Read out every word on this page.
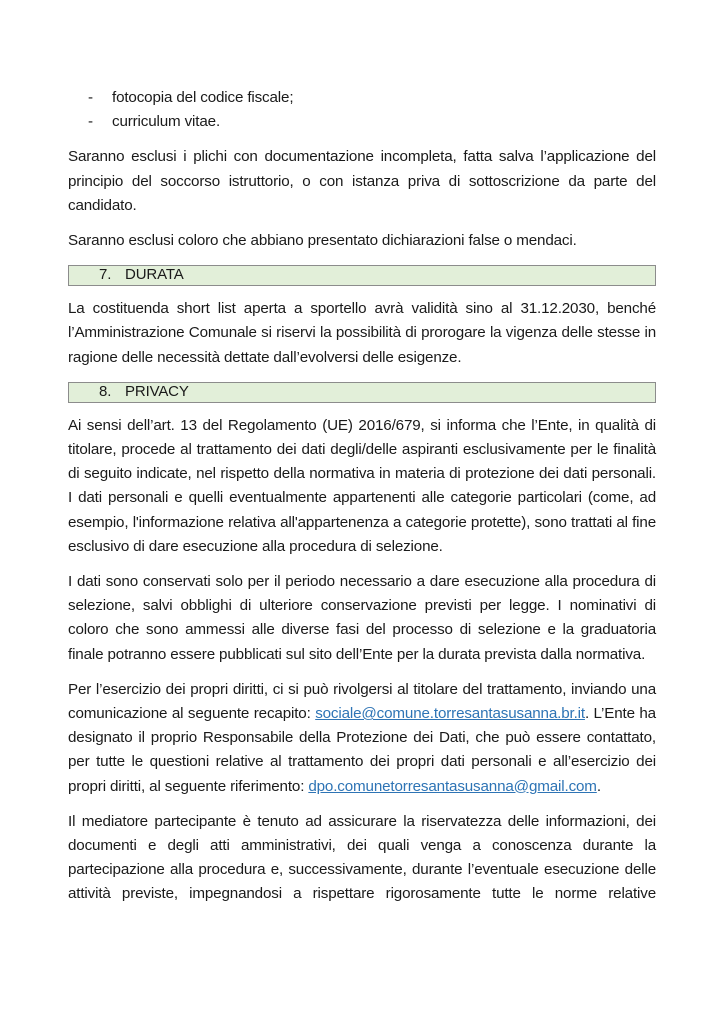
- fotocopia del codice fiscale;
- curriculum vitae.

Saranno esclusi i plichi con documentazione incompleta, fatta salva l’applicazione del principio del soccorso istruttorio, o con istanza priva di sottoscrizione da parte del candidato.

Saranno esclusi coloro che abbiano presentato dichiarazioni false o mendaci.

7. DURATA

La costituenda short list aperta a sportello avrà validità sino al 31.12.2030, benché l’Amministrazione Comunale si riservi la possibilità di prorogare la vigenza delle stesse in ragione delle necessità dettate dall’evolversi delle esigenze.

8. PRIVACY

Ai sensi dell’art. 13 del Regolamento (UE) 2016/679, si informa che l’Ente, in qualità di titolare, procede al trattamento dei dati degli/delle aspiranti esclusivamente per le finalità di seguito indicate, nel rispetto della normativa in materia di protezione dei dati personali. I dati personali e quelli eventualmente appartenenti alle categorie particolari (come, ad esempio, l'informazione relativa all'appartenenza a categorie protette), sono trattati al fine esclusivo di dare esecuzione alla procedura di selezione.

I dati sono conservati solo per il periodo necessario a dare esecuzione alla procedura di selezione, salvi obblighi di ulteriore conservazione previsti per legge. I nominativi di coloro che sono ammessi alle diverse fasi del processo di selezione e la graduatoria finale potranno essere pubblicati sul sito dell’Ente per la durata prevista dalla normativa.

Per l’esercizio dei propri diritti, ci si può rivolgersi al titolare del trattamento, inviando una comunicazione al seguente recapito: sociale@comune.torresantasusanna.br.it. L’Ente ha designato il proprio Responsabile della Protezione dei Dati, che può essere contattato, per tutte le questioni relative al trattamento dei propri dati personali e all’esercizio dei propri diritti, al seguente riferimento: dpo.comunetorresantasusanna@gmail.com.

Il mediatore partecipante è tenuto ad assicurare la riservatezza delle informazioni, dei documenti e degli atti amministrativi, dei quali venga a conoscenza durante la partecipazione alla procedura e, successivamente, durante l’eventuale esecuzione delle attività previste, impegnandosi a rispettare rigorosamente tutte le norme relative
